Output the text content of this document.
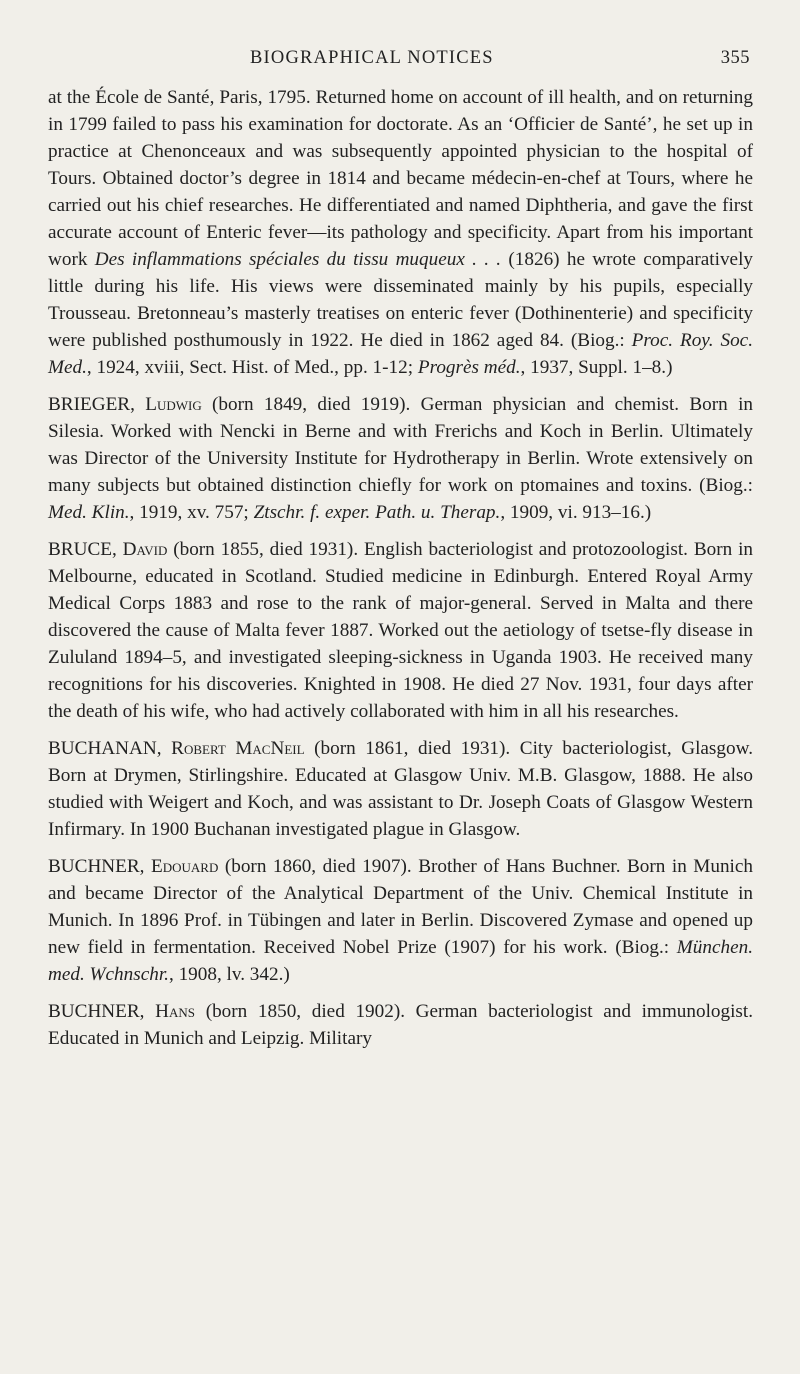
BIOGRAPHICAL NOTICES	355

at the École de Santé, Paris, 1795. Returned home on account of ill health, and on returning in 1799 failed to pass his examination for doctorate. As an ‘Officier de Santé’, he set up in practice at Chenonceaux and was subsequently appointed physician to the hospital of Tours. Obtained doctor’s degree in 1814 and became médecin-en-chef at Tours, where he carried out his chief researches. He differentiated and named Diphtheria, and gave the first accurate account of Enteric fever—its pathology and specificity. Apart from his important work Des inflammations spéciales du tissu muqueux . . . (1826) he wrote comparatively little during his life. His views were disseminated mainly by his pupils, especially Trousseau. Bretonneau’s masterly treatises on enteric fever (Dothinenterie) and specificity were published posthumously in 1922. He died in 1862 aged 84. (Biog.: Proc. Roy. Soc. Med., 1924, xviii, Sect. Hist. of Med., pp. 1-12; Progrès méd., 1937, Suppl. 1–8.)

BRIEGER, Ludwig (born 1849, died 1919). German physician and chemist. Born in Silesia. Worked with Nencki in Berne and with Frerichs and Koch in Berlin. Ultimately was Director of the University Institute for Hydrotherapy in Berlin. Wrote extensively on many subjects but obtained distinction chiefly for work on ptomaines and toxins. (Biog.: Med. Klin., 1919, xv. 757; Ztschr. f. exper. Path. u. Therap., 1909, vi. 913–16.)

BRUCE, David (born 1855, died 1931). English bacteriologist and protozoologist. Born in Melbourne, educated in Scotland. Studied medicine in Edinburgh. Entered Royal Army Medical Corps 1883 and rose to the rank of major-general. Served in Malta and there discovered the cause of Malta fever 1887. Worked out the aetiology of tsetse-fly disease in Zululand 1894–5, and investigated sleeping-sickness in Uganda 1903. He received many recognitions for his discoveries. Knighted in 1908. He died 27 Nov. 1931, four days after the death of his wife, who had actively collaborated with him in all his researches.

BUCHANAN, Robert MacNeil (born 1861, died 1931). City bacteriologist, Glasgow. Born at Drymen, Stirlingshire. Educated at Glasgow Univ. M.B. Glasgow, 1888. He also studied with Weigert and Koch, and was assistant to Dr. Joseph Coats of Glasgow Western Infirmary. In 1900 Buchanan investigated plague in Glasgow.

BUCHNER, Edouard (born 1860, died 1907). Brother of Hans Buchner. Born in Munich and became Director of the Analytical Department of the Univ. Chemical Institute in Munich. In 1896 Prof. in Tübingen and later in Berlin. Discovered Zymase and opened up new field in fermentation. Received Nobel Prize (1907) for his work. (Biog.: München. med. Wchnschr., 1908, lv. 342.)

BUCHNER, Hans (born 1850, died 1902). German bacteriologist and immunologist. Educated in Munich and Leipzig. Military
